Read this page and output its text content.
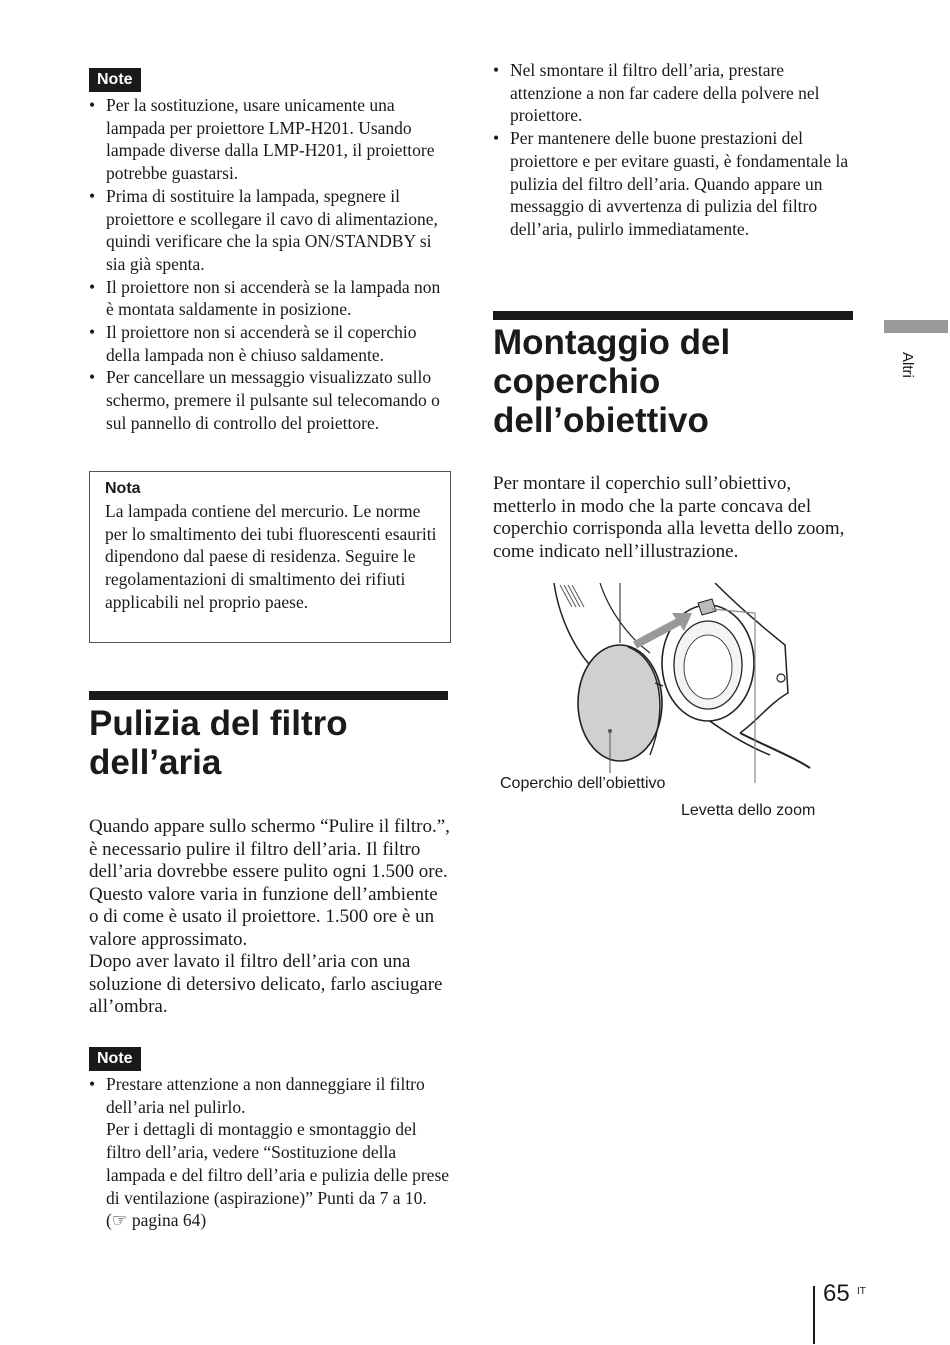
Note
• Per la sostituzione, usare unicamente una lampada per proiettore LMP-H201. Usando lampade diverse dalla LMP-H201, il proiettore potrebbe guastarsi.
• Prima di sostituire la lampada, spegnere il proiettore e scollegare il cavo di alimentazione, quindi verificare che la spia ON/STANDBY si sia già spenta.
• Il proiettore non si accenderà se la lampada non è montata saldamente in posizione.
• Il proiettore non si accenderà se il coperchio della lampada non è chiuso saldamente.
• Per cancellare un messaggio visualizzato sullo schermo, premere il pulsante sul telecomando o sul pannello di controllo del proiettore.
Nota
La lampada contiene del mercurio. Le norme per lo smaltimento dei tubi fluorescenti esauriti dipendono dal paese di residenza. Seguire le regolamentazioni di smaltimento dei rifiuti applicabili nel proprio paese.
Pulizia del filtro
dell’aria

Quando appare sullo schermo “Pulire il filtro.”, è necessario pulire il filtro dell’aria. Il filtro dell’aria dovrebbe essere pulito ogni 1.500 ore. Questo valore varia in funzione dell’ambiente o di come è usato il proiettore. 1.500 ore è un valore approssimato.

Dopo aver lavato il filtro dell’aria con una soluzione di detersivo delicato, farlo asciugare all’ombra.

Note
• Prestare attenzione a non danneggiare il filtro dell’aria nel pulirlo.
Per i dettagli di montaggio e smontaggio del filtro dell’aria, vedere “Sostituzione della lampada e del filtro dell’aria e pulizia delle prese di ventilazione (aspirazione)” Punti da 7 a 10. (☞ pagina 64)
• Nel smontare il filtro dell’aria, prestare attenzione a non far cadere della polvere nel proiettore.
• Per mantenere delle buone prestazioni del proiettore e per evitare guasti, è fondamentale la pulizia del filtro dell’aria. Quando appare un messaggio di avvertenza di pulizia del filtro dell’aria, pulirlo immediatamente.
Montaggio del
coperchio
dell’obiettivo

Per montare il coperchio sull’obiettivo, metterlo in modo che la parte concava del coperchio corrisponda alla levetta dello zoom, come indicato nell’illustrazione.

Coperchio dell’obiettivo
Levetta dello zoom
Altri
65 IT
